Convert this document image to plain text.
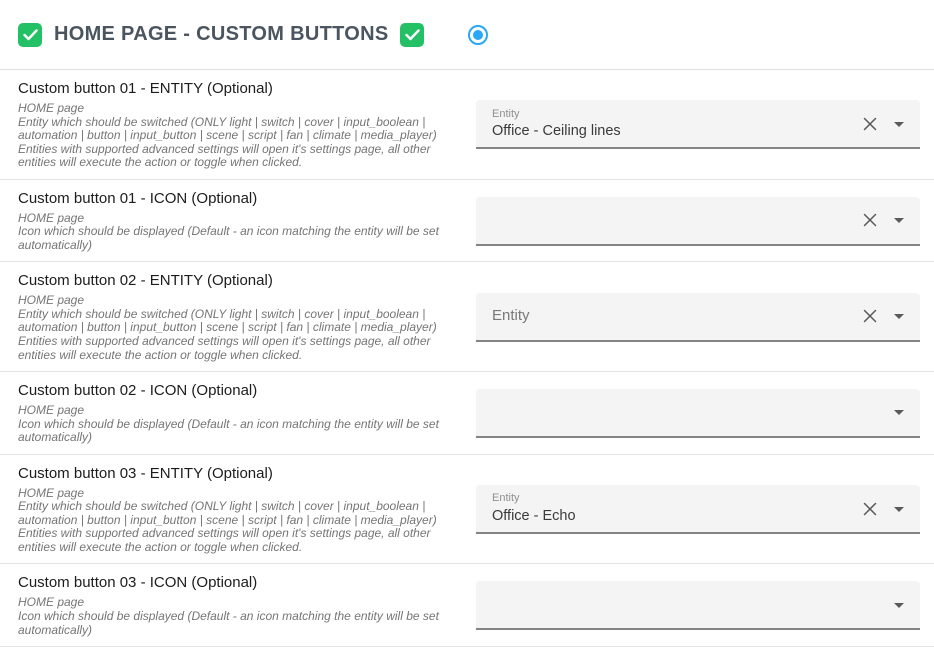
HOME PAGE - CUSTOM BUTTONS

Custom button 01 - ENTITY (Optional)

HOME page

Entity which should be switched (ONLY light | switch | cover | input_boolean | automation | button | input_button | scene | script | fan | climate | media_player)

Entities with supported advanced settings will open it's settings page, all other entities will execute the action or toggle when clicked.

Entity
Office - Ceiling lines

Custom button 01 - ICON (Optional)

HOME page

Icon which should be displayed (Default - an icon matching the entity will be set automatically)

Custom button 02 - ENTITY (Optional)

HOME page

Entity which should be switched (ONLY light | switch | cover | input_boolean | automation | button | input_button | scene | script | fan | climate | media_player)

Entities with supported advanced settings will open it's settings page, all other entities will execute the action or toggle when clicked.

Entity

Custom button 02 - ICON (Optional)

HOME page

Icon which should be displayed (Default - an icon matching the entity will be set automatically)

Custom button 03 - ENTITY (Optional)

HOME page

Entity which should be switched (ONLY light | switch | cover | input_boolean | automation | button | input_button | scene | script | fan | climate | media_player)

Entities with supported advanced settings will open it's settings page, all other entities will execute the action or toggle when clicked.

Entity
Office - Echo

Custom button 03 - ICON (Optional)

HOME page

Icon which should be displayed (Default - an icon matching the entity will be set automatically)
